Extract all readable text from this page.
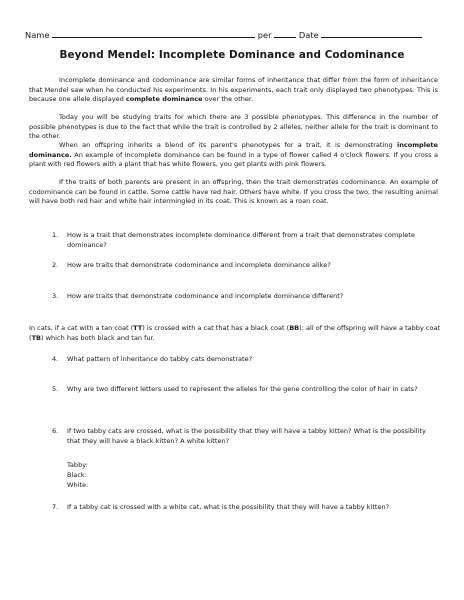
Name	per	Date
Beyond Mendel: Incomplete Dominance and Codominance
Incomplete dominance and codominance are similar forms of inheritance that differ from the form of inheritance that Mendel saw when he conducted his experiments. In his experiments, each trait only displayed two phenotypes. This is because one allele displayed complete dominance over the other.
Today you will be studying traits for which there are 3 possible phenotypes. This difference in the number of possible phenotypes is due to the fact that while the trait is controlled by 2 alleles, neither allele for the trait is dominant to the other.
When an offspring inherits a blend of its parent's phenotypes for a trait, it is demonstrating incomplete dominance. An example of incomplete dominance can be found in a type of flower called 4 o'clock flowers. If you cross a plant with red flowers with a plant that has white flowers, you get plants with pink flowers.
If the traits of both parents are present in an offspring, then the trait demonstrates codominance. An example of codominance can be found in cattle. Some cattle have red hair. Others have white. If you cross the two, the resulting animal will have both red hair and white hair intermingled in its coat. This is known as a roan coat.
1. How is a trait that demonstrates incomplete dominance different from a trait that demonstrates complete dominance?
2. How are traits that demonstrate codominance and incomplete dominance alike?
3. How are traits that demonstrate codominance and incomplete dominance different?
In cats, if a cat with a tan coat (TT) is crossed with a cat that has a black coat (BB); all of the offspring will have a tabby coat (TB) which has both black and tan fur.
4. What pattern of inheritance do tabby cats demonstrate?
5. Why are two different letters used to represent the alleles for the gene controlling the color of hair in cats?
6. If two tabby cats are crossed, what is the possibility that they will have a tabby kitten? What is the possibility that they will have a black kitten? A white kitten?
Tabby:
Black:
White:
7. If a tabby cat is crossed with a white cat, what is the possibility that they will have a tabby kitten?
